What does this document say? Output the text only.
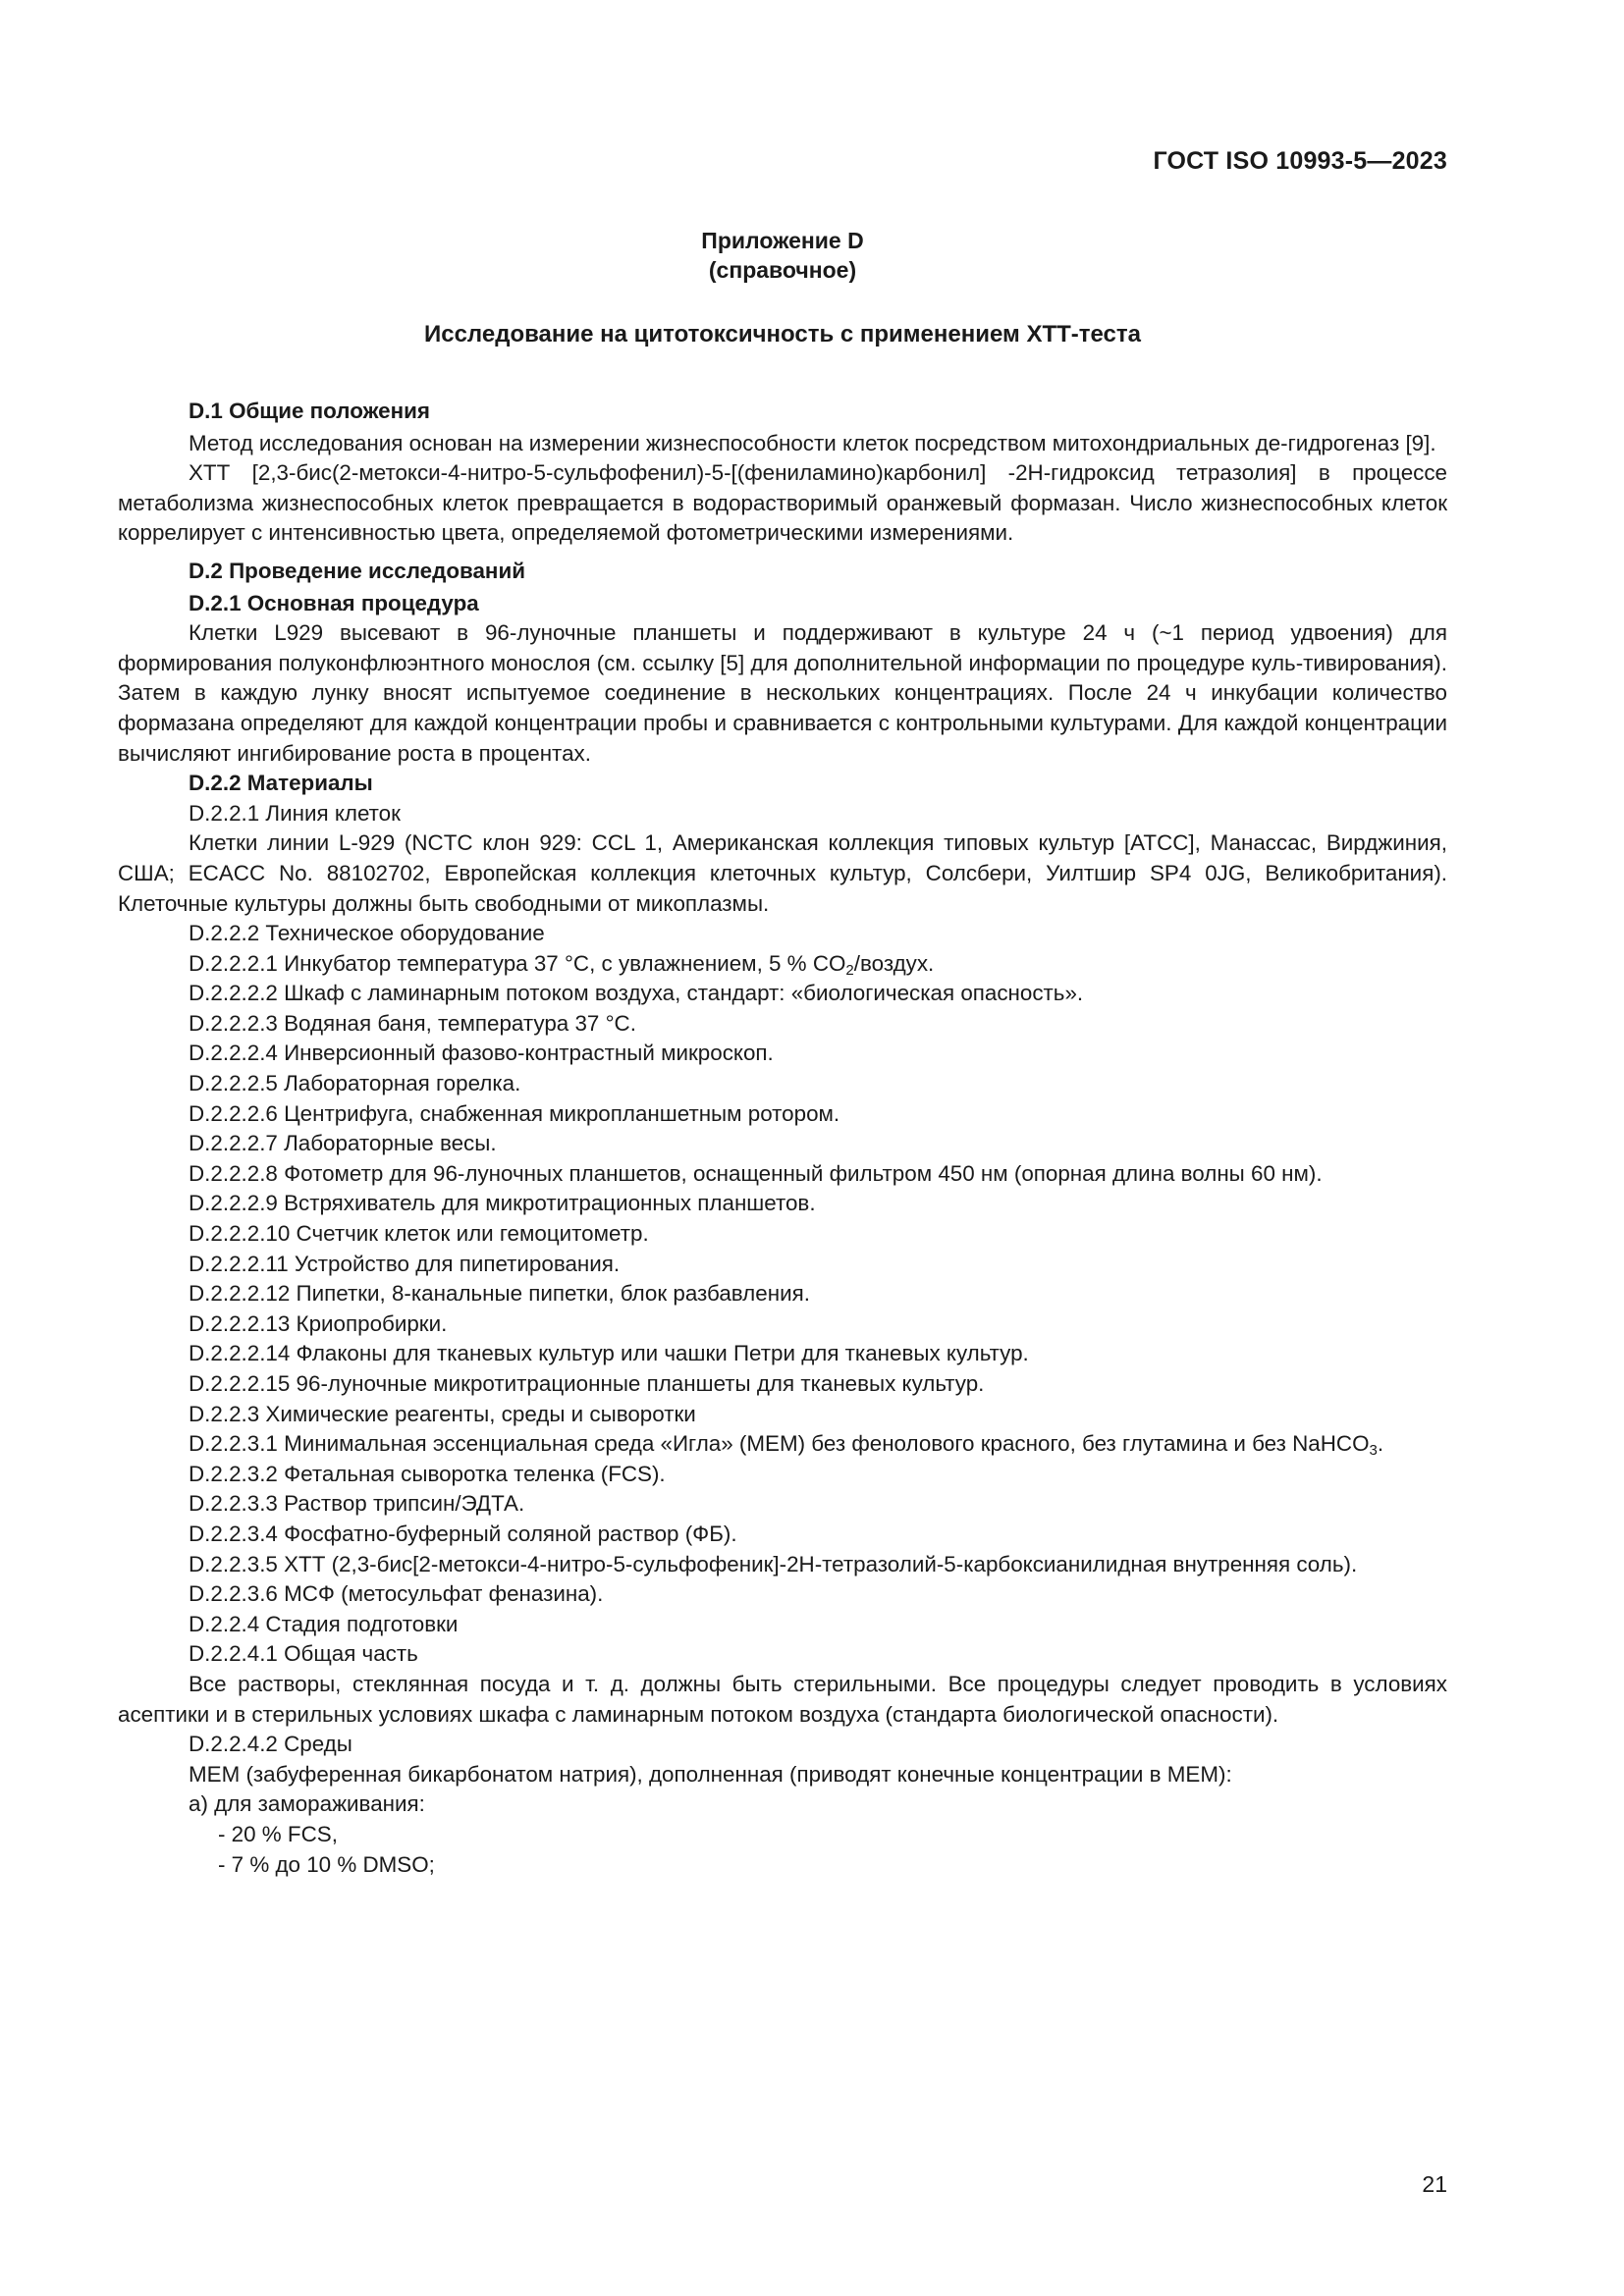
ГОСТ ISO 10993-5—2023
Приложение D
(справочное)
Исследование на цитотоксичность с применением ХТТ-теста

D.1 Общие положения

Метод исследования основан на измерении жизнеспособности клеток посредством митохондриальных де-гидрогеназ [9].

ХТТ [2,3-бис(2-метокси-4-нитро-5-сульфофенил)-5-[(фениламино)карбонил] -2Н-гидроксид тетразолия] в процессе метаболизма жизнеспособных клеток превращается в водорастворимый оранжевый формазан. Число жизнеспособных клеток коррелирует с интенсивностью цвета, определяемой фотометрическими измерениями.

D.2 Проведение исследований

D.2.1 Основная процедура

Клетки L929 высевают в 96-луночные планшеты и поддерживают в культуре 24 ч (~1 период удвоения) для формирования полуконфлюэнтного монослоя (см. ссылку [5] для дополнительной информации по процедуре куль-тивирования). Затем в каждую лунку вносят испытуемое соединение в нескольких концентрациях. После 24 ч инкубации количество формазана определяют для каждой концентрации пробы и сравнивается с контрольными культурами. Для каждой концентрации вычисляют ингибирование роста в процентах.

D.2.2 Материалы

D.2.2.1 Линия клеток

Клетки линии L-929 (NCTC клон 929: CCL 1, Американская коллекция типовых культур [ATCC], Манассас, Вирджиния, США; ECACC No. 88102702, Европейская коллекция клеточных культур, Солсбери, Уилтшир SP4 0JG, Великобритания). Клеточные культуры должны быть свободными от микоплазмы.

D.2.2.2 Техническое оборудование

D.2.2.2.1 Инкубатор температура 37 °С, с увлажнением, 5 % $CO_2$/воздух.

D.2.2.2.2 Шкаф с ламинарным потоком воздуха, стандарт: «биологическая опасность».

D.2.2.2.3 Водяная баня, температура 37 °С.

D.2.2.2.4 Инверсионный фазово-контрастный микроскоп.

D.2.2.2.5 Лабораторная горелка.

D.2.2.2.6 Центрифуга, снабженная микропланшетным ротором.

D.2.2.2.7 Лабораторные весы.

D.2.2.2.8 Фотометр для 96-луночных планшетов, оснащенный фильтром 450 нм (опорная длина волны 60 нм).

D.2.2.2.9 Встряхиватель для микротитрационных планшетов.

D.2.2.2.10 Счетчик клеток или гемоцитометр.

D.2.2.2.11 Устройство для пипетирования.

D.2.2.2.12 Пипетки, 8-канальные пипетки, блок разбавления.

D.2.2.2.13 Криопробирки.

D.2.2.2.14 Флаконы для тканевых культур или чашки Петри для тканевых культур.

D.2.2.2.15 96-луночные микротитрационные планшеты для тканевых культур.

D.2.2.3 Химические реагенты, среды и сыворотки

D.2.2.3.1 Минимальная эссенциальная среда «Игла» (МЕМ) без фенолового красного, без глутамина и без NaHCO$_3$.

D.2.2.3.2 Фетальная сыворотка теленка (FCS).

D.2.2.3.3 Раствор трипсин/ЭДТА.

D.2.2.3.4 Фосфатно-буферный соляной раствор (ФБ).

D.2.2.3.5 ХТТ (2,3-бис[2-метокси-4-нитро-5-сульфофеник]-2Н-тетразолий-5-карбоксианилидная внутренняя соль).

D.2.2.3.6 МСФ (метосульфат феназина).

D.2.2.4 Стадия подготовки

D.2.2.4.1 Общая часть

Все растворы, стеклянная посуда и т. д. должны быть стерильными. Все процедуры следует проводить в условиях асептики и в стерильных условиях шкафа с ламинарным потоком воздуха (стандарта биологической опасности).

D.2.2.4.2 Среды

МЕМ (забуференная бикарбонатом натрия), дополненная (приводят конечные концентрации в МЕМ):

а) для замораживания:

- 20 % FCS,

- 7 % до 10 % DMSO;

21
